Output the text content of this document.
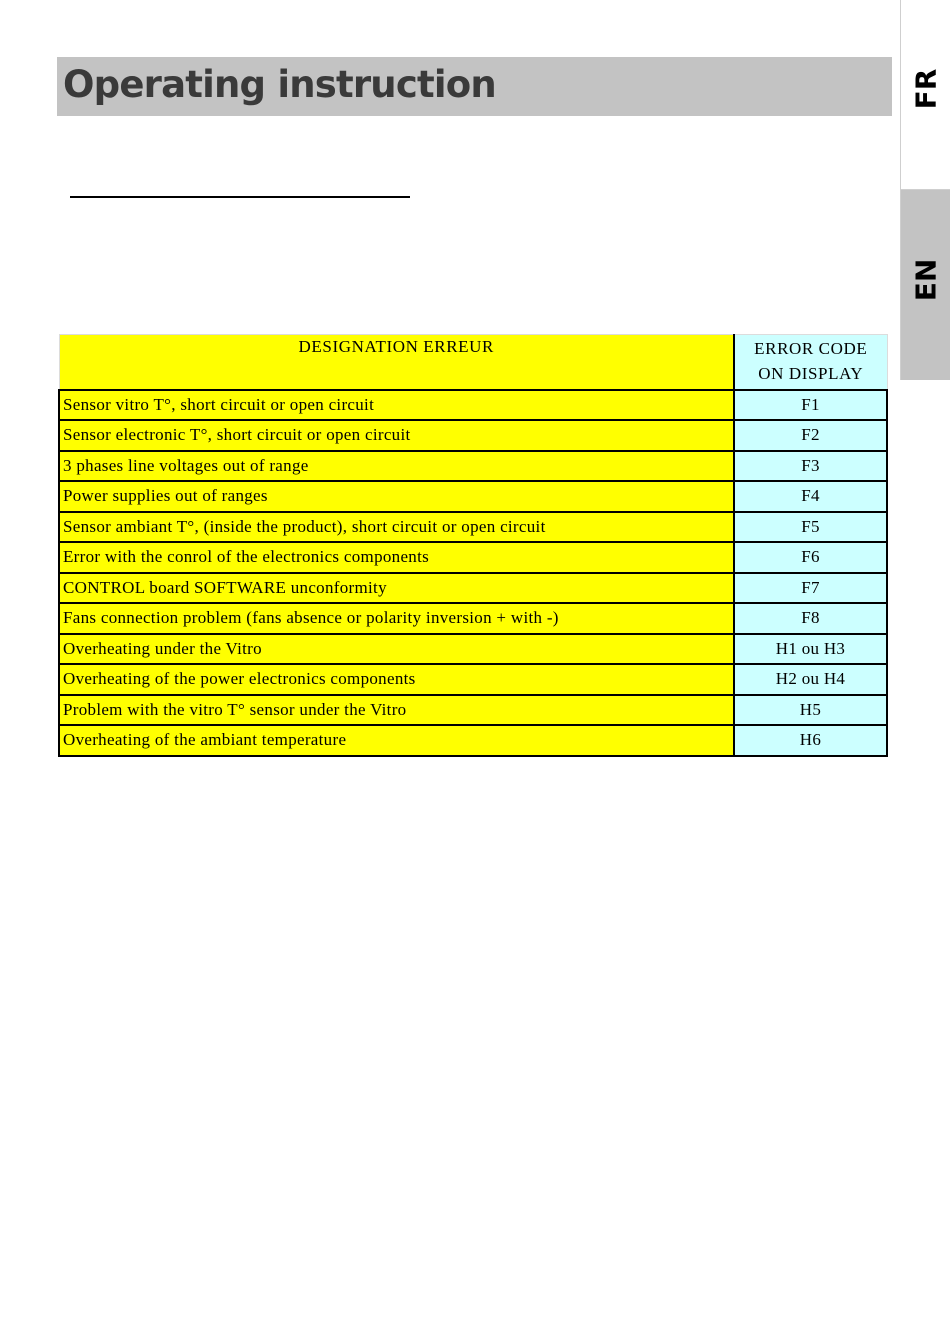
Operating instruction	FR
EN
DESIGNATION ERREUR	ERROR CODE
ON DISPLAY
Sensor vitro T°, short circuit or open circuit	F1
Sensor electronic T°, short circuit or open circuit	F2
3 phases line voltages out of range	F3
Power supplies out of ranges	F4
Sensor ambiant T°, (inside the product), short circuit or open circuit	F5
Error with the conrol of the electronics components	F6
CONTROL board SOFTWARE unconformity	F7
Fans connection problem (fans absence or polarity inversion + with -)	F8
Overheating under the Vitro	H1 ou H3
Overheating of the power electronics components	H2 ou H4
Problem with the vitro T° sensor under the Vitro	H5
Overheating of the ambiant temperature	H6
